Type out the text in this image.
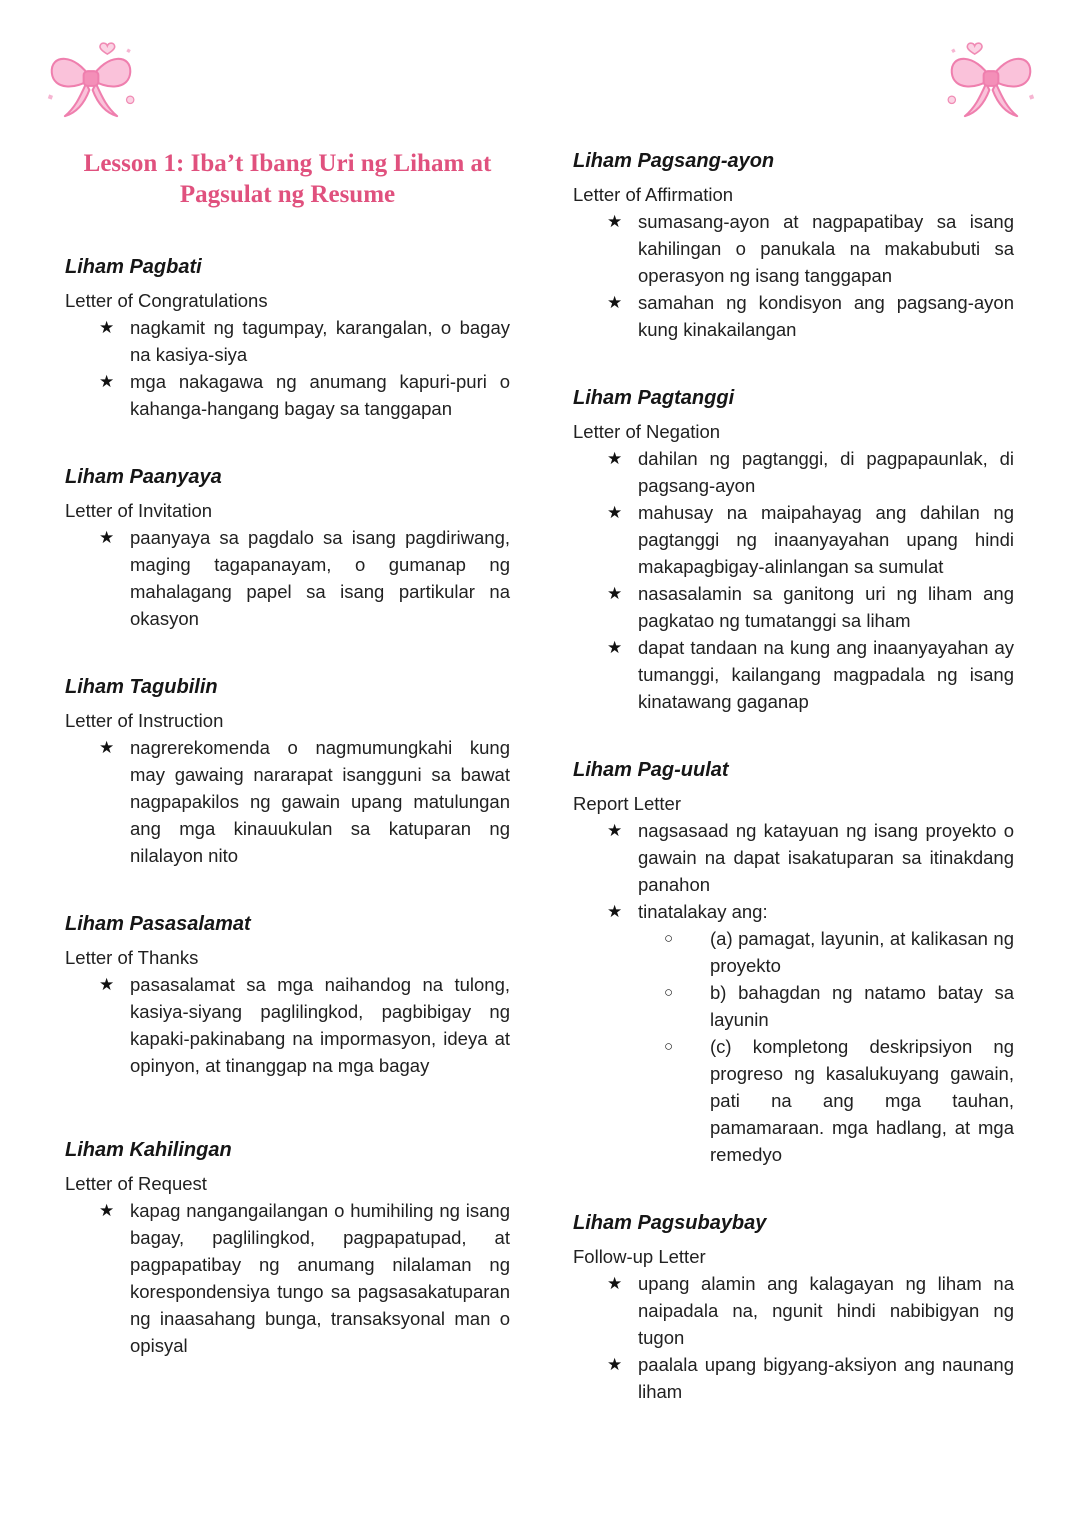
Lesson 1: Iba’t Ibang Uri ng Liham at
Pagsulat ng Resume
Liham Pagbati

Letter of Congratulations

★ nagkamit ng tagumpay, karangalan, o bagay na kasiya-siya
★ mga nakagawa ng anumang kapuri-puri o kahanga-hangang bagay sa tanggapan
Liham Paanyaya

Letter of Invitation

★ paanyaya sa pagdalo sa isang pagdiriwang, maging tagapanayam, o gumanap ng mahalagang papel sa isang partikular na okasyon
Liham Tagubilin

Letter of Instruction

★ nagrerekomenda o nagmumungkahi kung may gawaing nararapat isangguni sa bawat nagpapakilos ng gawain upang matulungan ang mga kinauukulan sa katuparan ng nilalayon nito
Liham Pasasalamat

Letter of Thanks

★ pasasalamat sa mga naihandog na tulong, kasiya-siyang paglilingkod, pagbibigay ng kapaki-pakinabang na impormasyon, ideya at opinyon, at tinanggap na mga bagay
Liham Kahilingan

Letter of Request

★ kapag nangangailangan o humihiling ng isang bagay, paglilingkod, pagpapatupad, at pagpapatibay ng anumang nilalaman ng korespondensiya tungo sa pagsasakatuparan ng inaasahang bunga, transaksyonal man o opisyal
Liham Pagsang-ayon

Letter of Affirmation

★ sumasang-ayon at nagpapatibay sa isang kahilingan o panukala na makabubuti sa operasyon ng isang tanggapan
★ samahan ng kondisyon ang pagsang-ayon kung kinakailangan
Liham Pagtanggi

Letter of Negation

★ dahilan ng pagtanggi, di pagpapaunlak, di pagsang-ayon
★ mahusay na maipahayag ang dahilan ng pagtanggi ng inaanyayahan upang hindi makapagbigay-alinlangan sa sumulat
★ nasasalamin sa ganitong uri ng liham ang pagkatao ng tumatanggi sa liham
★ dapat tandaan na kung ang inaanyayahan ay tumanggi, kailangang magpadala ng isang kinatawang gaganap
Liham Pag-uulat

Report Letter

★ nagsasaad ng katayuan ng isang proyekto o gawain na dapat isakatuparan sa itinakdang panahon
★ tinatalakay ang:
○	(a) pamagat, layunin, at kalikasan ng proyekto
○	b) bahagdan ng natamo batay sa layunin
○	(c) kompletong deskripsiyon ng progreso ng kasalukuyang gawain, pati na ang mga tauhan, pamamaraan. mga hadlang, at mga remedyo
Liham Pagsubaybay

Follow-up Letter

★ upang alamin ang kalagayan ng liham na naipadala na, ngunit hindi nabibigyan ng tugon
★ paalala upang bigyang-aksiyon ang naunang liham
